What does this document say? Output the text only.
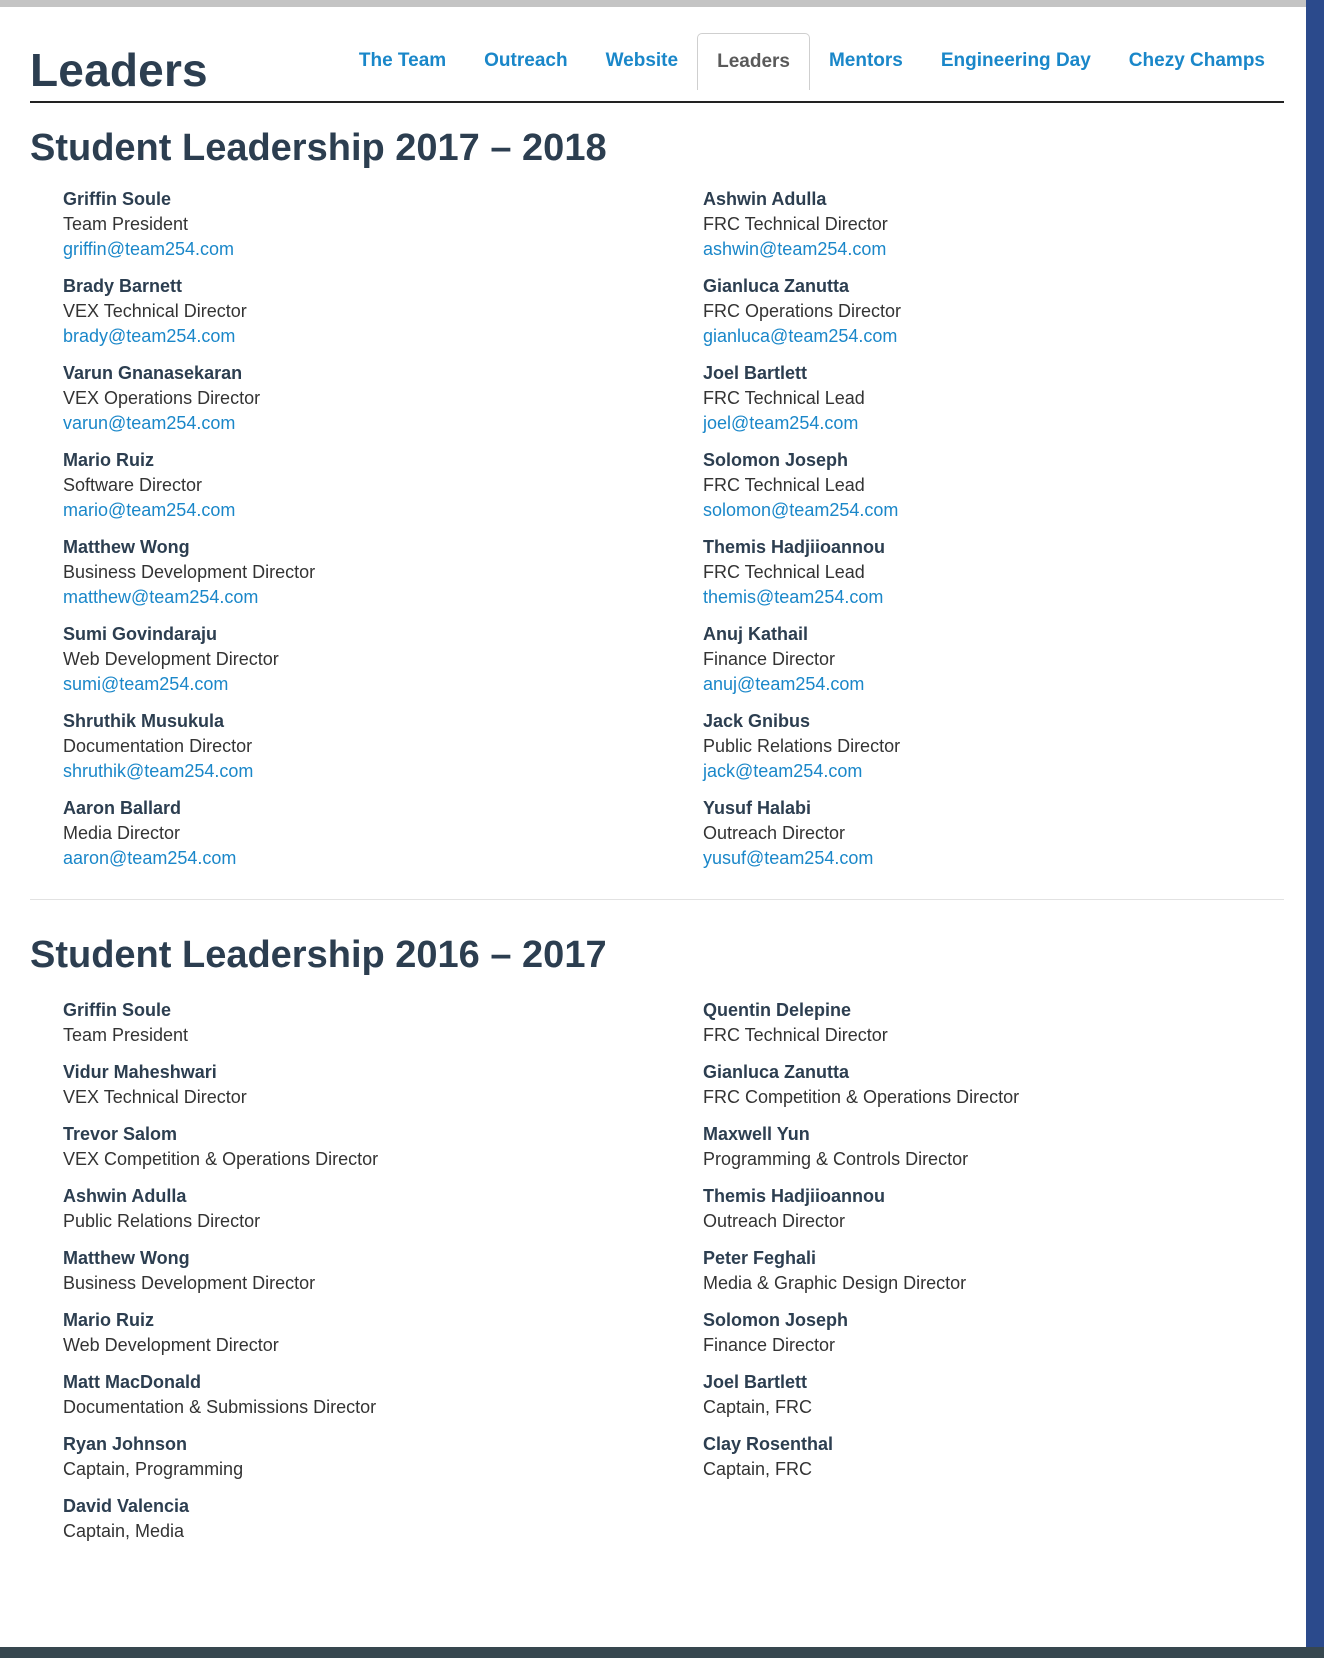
Leaders	The Team	Outreach	Website	Leaders	Mentors	Engineering Day	Chezy Champs
Student Leadership 2017 – 2018
Griffin Soule
Team President
griffin@team254.com
Brady Barnett
VEX Technical Director
brady@team254.com
Varun Gnanasekaran
VEX Operations Director
varun@team254.com
Mario Ruiz
Software Director
mario@team254.com
Matthew Wong
Business Development Director
matthew@team254.com
Sumi Govindaraju
Web Development Director
sumi@team254.com
Shruthik Musukula
Documentation Director
shruthik@team254.com
Aaron Ballard
Media Director
aaron@team254.com
Ashwin Adulla
FRC Technical Director
ashwin@team254.com
Gianluca Zanutta
FRC Operations Director
gianluca@team254.com
Joel Bartlett
FRC Technical Lead
joel@team254.com
Solomon Joseph
FRC Technical Lead
solomon@team254.com
Themis Hadjiioannou
FRC Technical Lead
themis@team254.com
Anuj Kathail
Finance Director
anuj@team254.com
Jack Gnibus
Public Relations Director
jack@team254.com
Yusuf Halabi
Outreach Director
yusuf@team254.com
Student Leadership 2016 – 2017
Griffin Soule
Team President
Vidur Maheshwari
VEX Technical Director
Trevor Salom
VEX Competition & Operations Director
Ashwin Adulla
Public Relations Director
Matthew Wong
Business Development Director
Mario Ruiz
Web Development Director
Matt MacDonald
Documentation & Submissions Director
Ryan Johnson
Captain, Programming
David Valencia
Captain, Media
Quentin Delepine
FRC Technical Director
Gianluca Zanutta
FRC Competition & Operations Director
Maxwell Yun
Programming & Controls Director
Themis Hadjiioannou
Outreach Director
Peter Feghali
Media & Graphic Design Director
Solomon Joseph
Finance Director
Joel Bartlett
Captain, FRC
Clay Rosenthal
Captain, FRC
